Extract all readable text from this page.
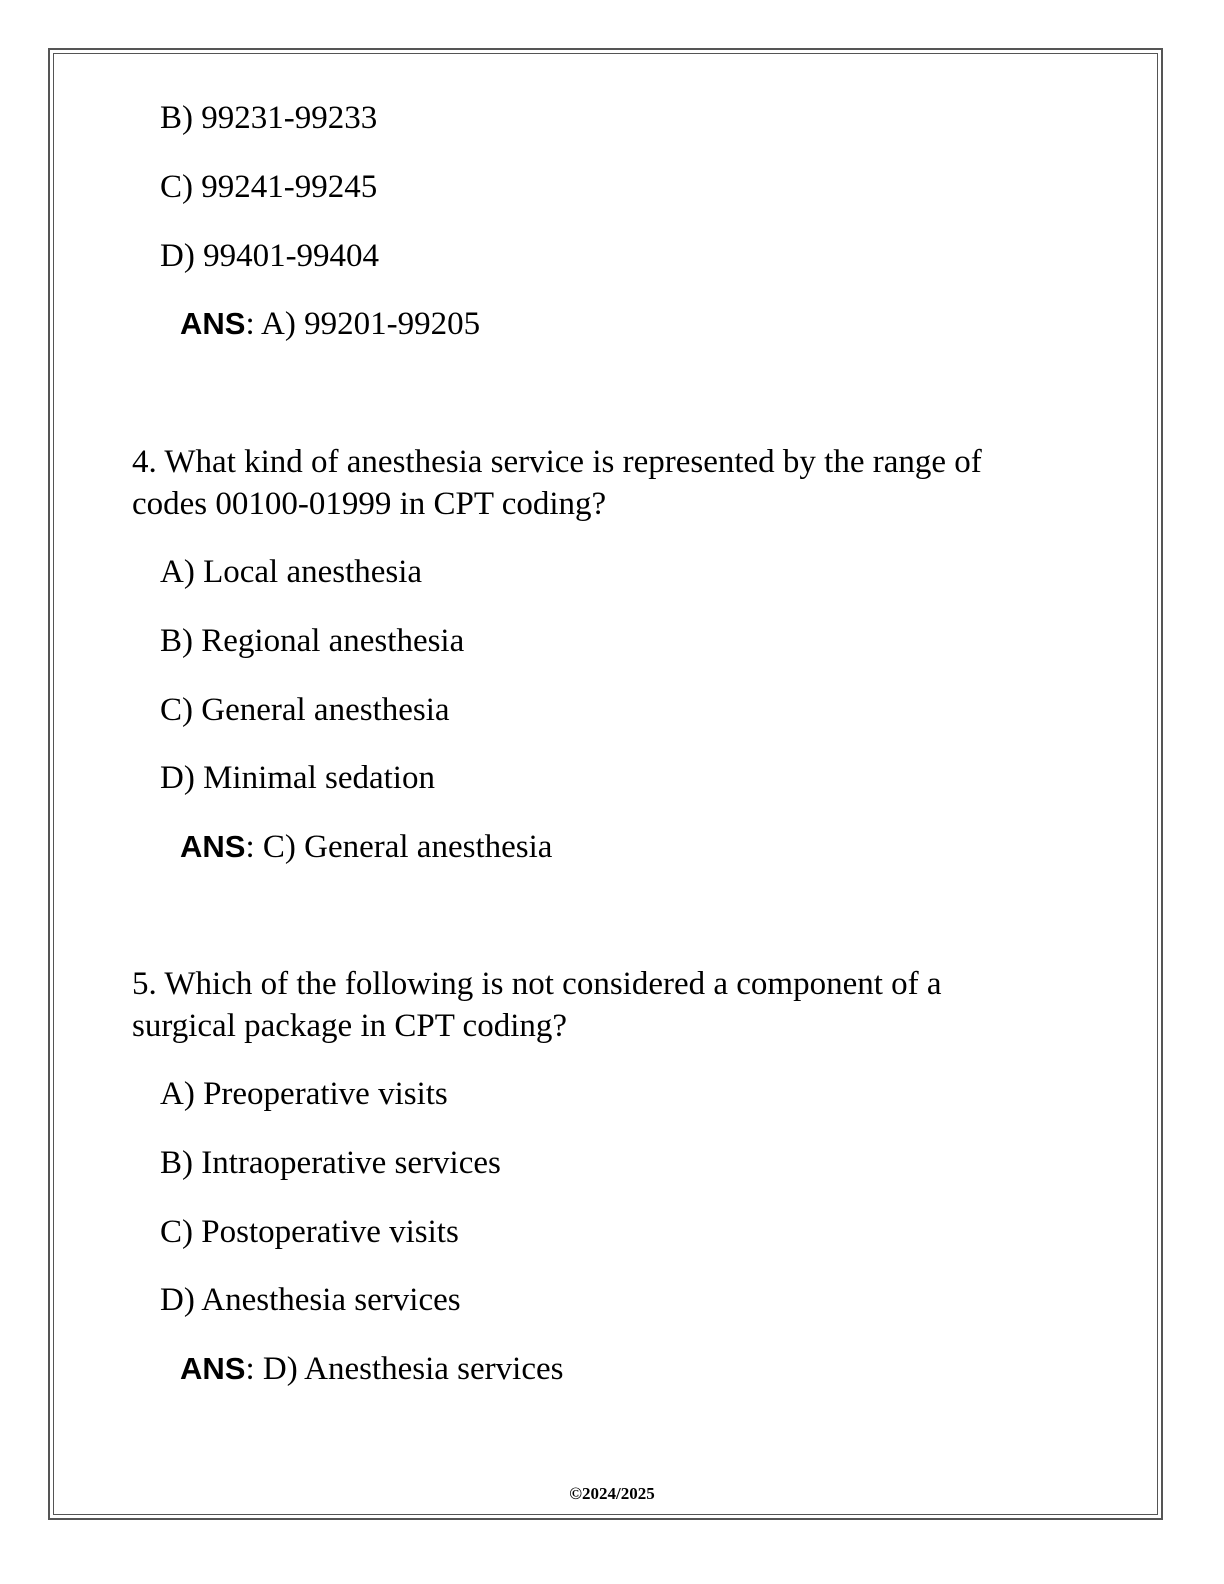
B) 99231-99233
C) 99241-99245
D) 99401-99404
ANS: A) 99201-99205
4. What kind of anesthesia service is represented by the range of
codes 00100-01999 in CPT coding?
A) Local anesthesia
B) Regional anesthesia
C) General anesthesia
D) Minimal sedation
ANS: C) General anesthesia
5. Which of the following is not considered a component of a
surgical package in CPT coding?
A) Preoperative visits
B) Intraoperative services
C) Postoperative visits
D) Anesthesia services
ANS: D) Anesthesia services
©2024/2025
